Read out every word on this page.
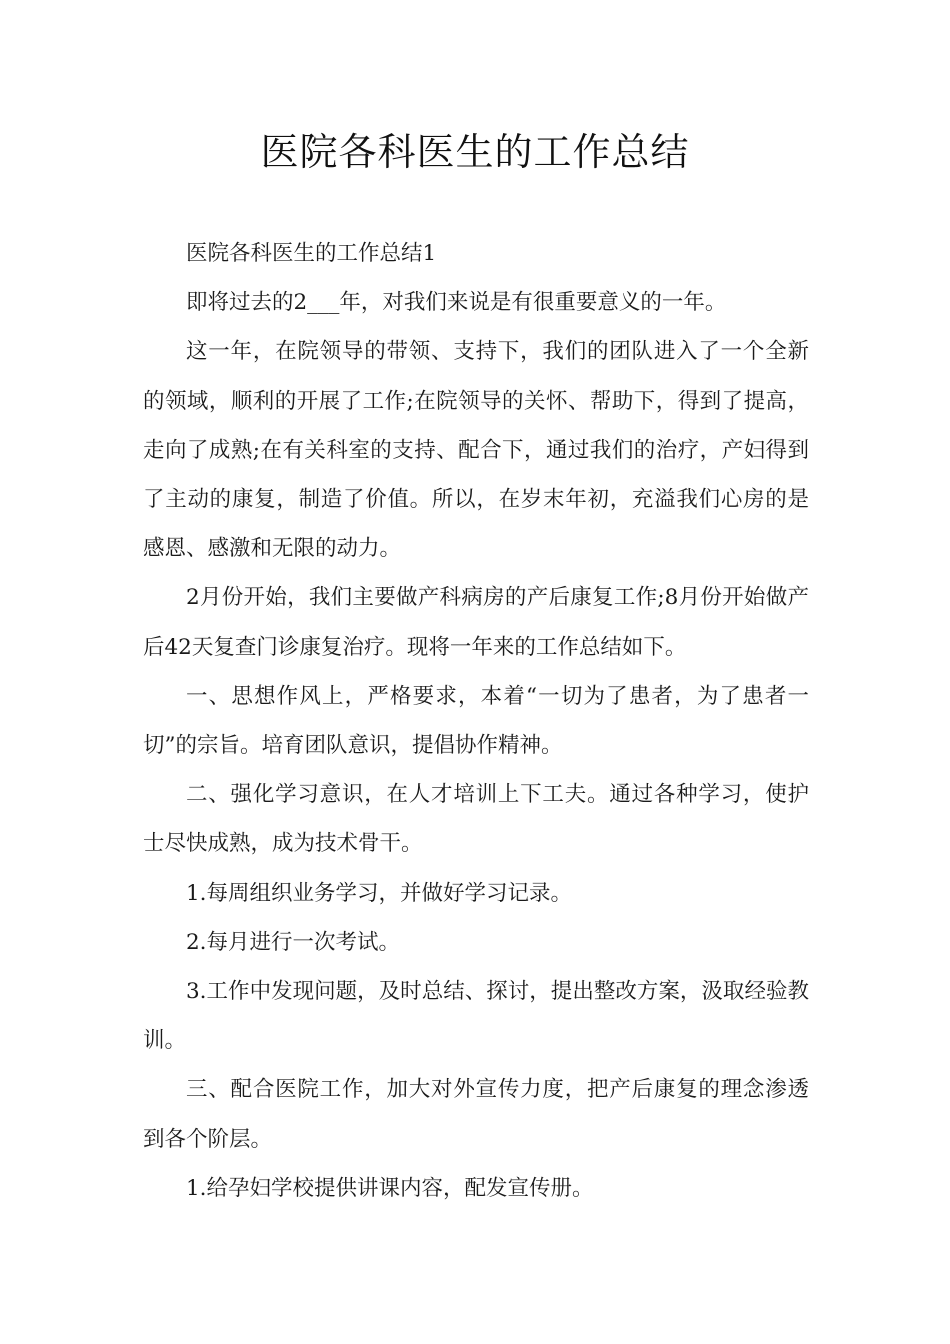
医院各科医生的工作总结

医院各科医生的工作总结1

即将过去的2___年，对我们来说是有很重要意义的一年。

这一年，在院领导的带领、支持下，我们的团队进入了一个全新的领域，顺利的开展了工作;在院领导的关怀、帮助下，得到了提高，走向了成熟;在有关科室的支持、配合下，通过我们的治疗，产妇得到了主动的康复，制造了价值。所以，在岁末年初，充溢我们心房的是感恩、感激和无限的动力。

2月份开始，我们主要做产科病房的产后康复工作;8月份开始做产后42天复查门诊康复治疗。现将一年来的工作总结如下。

一、思想作风上，严格要求，本着“一切为了患者，为了患者一切”的宗旨。培育团队意识，提倡协作精神。

二、强化学习意识，在人才培训上下工夫。通过各种学习，使护士尽快成熟，成为技术骨干。

1.每周组织业务学习，并做好学习记录。

2.每月进行一次考试。

3.工作中发现问题，及时总结、探讨，提出整改方案，汲取经验教训。

三、配合医院工作，加大对外宣传力度，把产后康复的理念渗透到各个阶层。

1.给孕妇学校提供讲课内容，配发宣传册。
